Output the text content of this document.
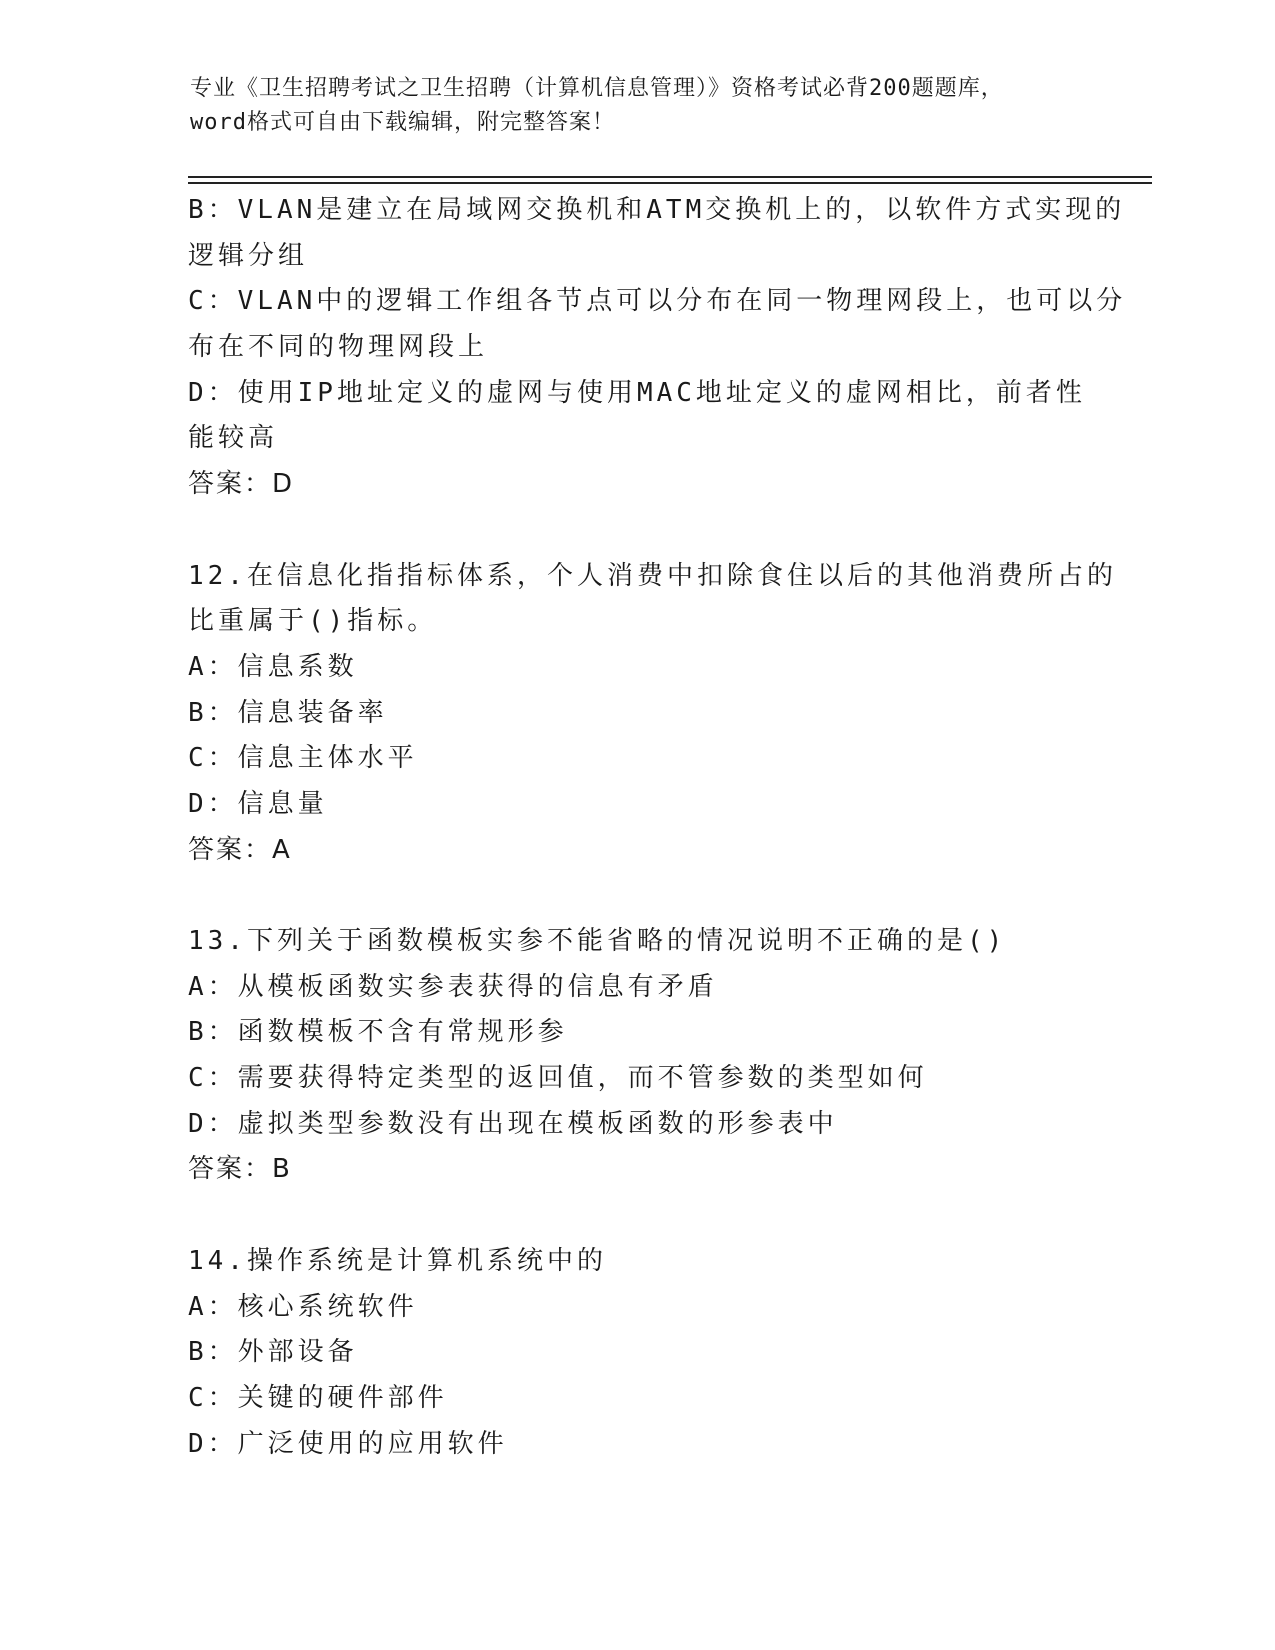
专业《卫生招聘考试之卫生招聘（计算机信息管理）》资格考试必背200题题库，
word格式可自由下载编辑，附完整答案！
B：VLAN是建立在局域网交换机和ATM交换机上的，以软件方式实现的
逻辑分组
C：VLAN中的逻辑工作组各节点可以分布在同一物理网段上，也可以分
布在不同的物理网段上
D：使用IP地址定义的虚网与使用MAC地址定义的虚网相比，前者性
能较高
答案：D
12.在信息化指指标体系，个人消费中扣除食住以后的其他消费所占的
比重属于()指标。
A：信息系数
B：信息装备率
C：信息主体水平
D：信息量
答案：A
13.下列关于函数模板实参不能省略的情况说明不正确的是()
A：从模板函数实参表获得的信息有矛盾
B：函数模板不含有常规形参
C：需要获得特定类型的返回值，而不管参数的类型如何
D：虚拟类型参数没有出现在模板函数的形参表中
答案：B
14.操作系统是计算机系统中的
A：核心系统软件
B：外部设备
C：关键的硬件部件
D：广泛使用的应用软件
